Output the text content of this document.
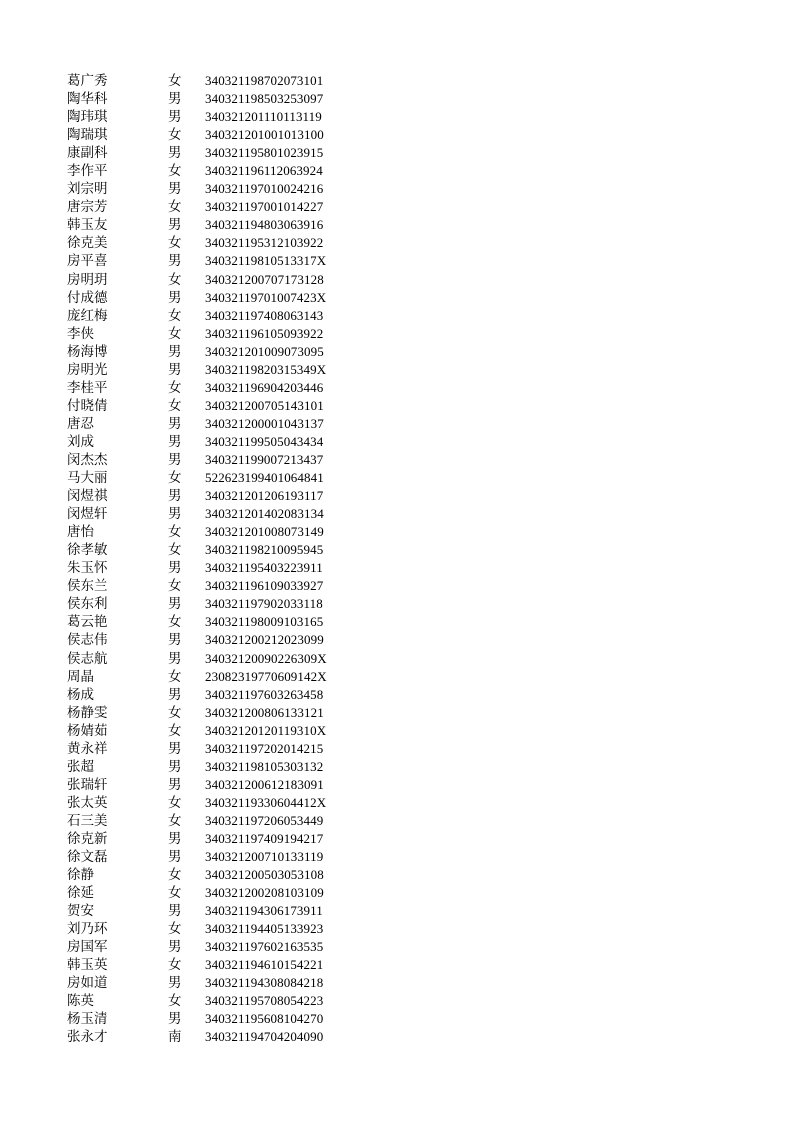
葛广秀	女 340321198702073101
陶华科	男 340321198503253097
陶玮琪	男 340321201110113119
陶瑞琪	女 340321201001013100
康副科	男 340321195801023915
李作平	女 340321196112063924
刘宗明	男 340321197010024216
唐宗芳	女 340321197001014227
韩玉友	男 340321194803063916
徐克美	女 340321195312103922
房平喜	男 34032119810513317X
房明玥	女 340321200707173128
付成德	男 34032119701007423X
庞红梅	女 340321197408063143
李侠	女 340321196105093922
杨海博	男 340321201009073095
房明光	男 34032119820315349X
李桂平	女 340321196904203446
付晓倩	女 340321200705143101
唐忍	男 340321200001043137
刘成	男 340321199505043434
闵杰杰	男 340321199007213437
马大丽	女 522623199401064841
闵煜祺	男 340321201206193117
闵煜轩	男 340321201402083134
唐怡	女 340321201008073149
徐孝敏	女 340321198210095945
朱玉怀	男 340321195403223911
侯东兰	女 340321196109033927
侯东利	男 340321197902033118
葛云艳	女 340321198009103165
侯志伟	男 340321200212023099
侯志航	男 34032120090226309X
周晶	女 23082319770609142X
杨成	男 340321197603263458
杨静雯	女 340321200806133121
杨婧茹	女 34032120120119310X
黄永祥	男 340321197202014215
张超	男 340321198105303132
张瑞轩	男 340321200612183091
张太英	女 34032119330604412X
石三美	女 340321197206053449
徐克新	男 340321197409194217
徐文磊	男 340321200710133119
徐静	女 340321200503053108
徐延	女 340321200208103109
贺安	男 340321194306173911
刘乃环	女 340321194405133923
房国军	男 340321197602163535
韩玉英	女 340321194610154221
房如道	男 340321194308084218
陈英	女 340321195708054223
杨玉清	男 340321195608104270
张永才	南 340321194704204090
